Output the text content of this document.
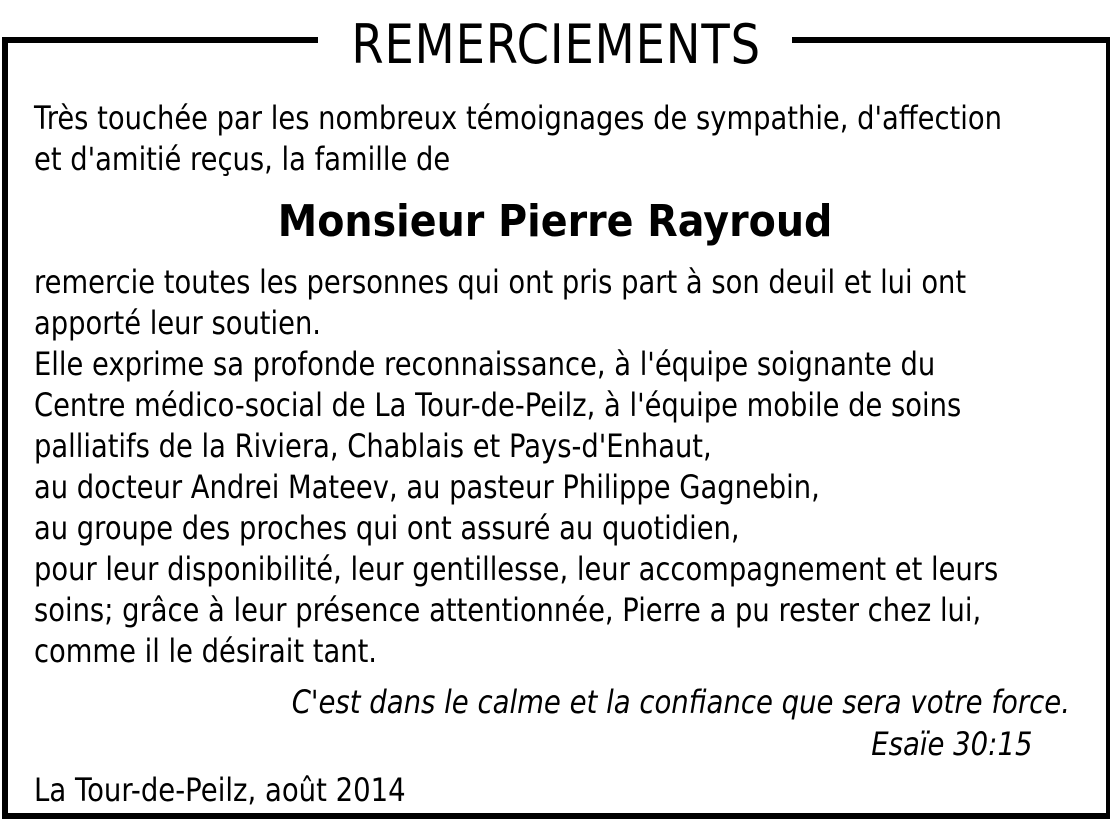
REMERCIEMENTS
Très touchée par les nombreux témoignages de sympathie, d'affection
et d'amitié reçus, la famille de
Monsieur Pierre Rayroud
remercie toutes les personnes qui ont pris part à son deuil et lui ont
apporté leur soutien.
Elle exprime sa profonde reconnaissance, à l'équipe soignante du
Centre médico-social de La Tour-de-Peilz, à l'équipe mobile de soins
palliatifs de la Riviera, Chablais et Pays-d'Enhaut,
au docteur Andrei Mateev, au pasteur Philippe Gagnebin,
au groupe des proches qui ont assuré au quotidien,
pour leur disponibilité, leur gentillesse, leur accompagnement et leurs
soins; grâce à leur présence attentionnée, Pierre a pu rester chez lui,
comme il le désirait tant.
C'est dans le calme et la confiance que sera votre force.
Esaïe 30:15
La Tour-de-Peilz, août 2014
